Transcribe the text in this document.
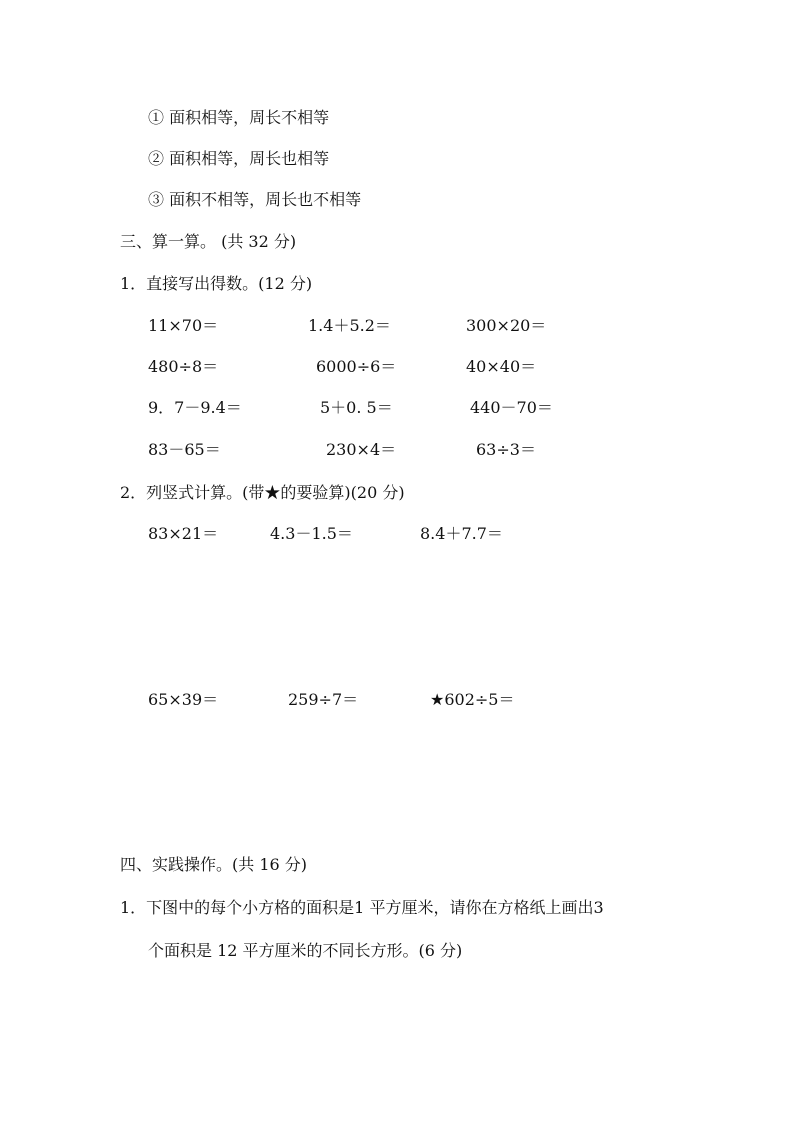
① 面积相等，周长不相等
② 面积相等，周长也相等
③ 面积不相等，周长也不相等
三、算一算。 (共 32 分)
1．直接写出得数。(12 分)
11×70＝	1.4＋5.2＝	300×20＝
480÷8＝	6000÷6＝	40×40＝
9．7－9.4＝	5＋0. 5＝	440－70＝
83－65＝	230×4＝	63÷3＝
2．列竖式计算。(带★的要验算)(20 分)
83×21＝	4.3－1.5＝	8.4＋7.7＝
65×39＝	259÷7＝	★602÷5＝
四、实践操作。(共 16 分)
1．下图中的每个小方格的面积是1 平方厘米，请你在方格纸上画出3
个面积是 12 平方厘米的不同长方形。(6 分)
